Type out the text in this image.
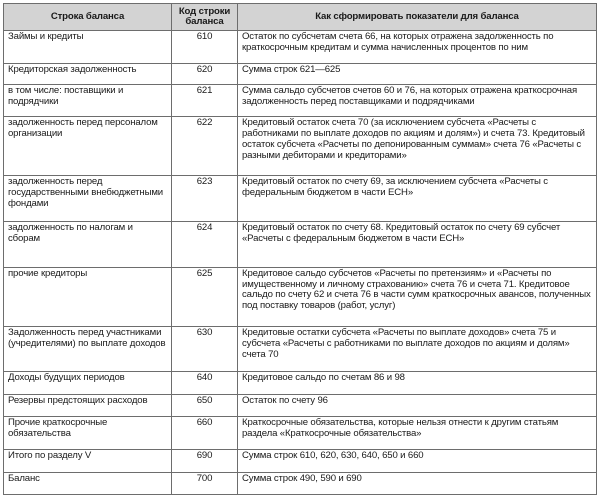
Строка баланса	Код строки баланса	Как сформировать показатели для баланса
Займы и кредиты	610	Остаток по субсчетам счета 66, на которых отражена задолженность по краткосрочным кредитам и сумма начисленных процентов по ним
Кредиторская задолженность	620	Сумма строк 621—625
в том числе: поставщики и подрядчики	621	Сумма сальдо субсчетов счетов 60 и 76, на которых отражена краткосрочная задолженность перед поставщиками и подрядчиками
задолженность перед персоналом организации	622	Кредитовый остаток счета 70 (за исключением субсчета «Расчеты с работниками по выплате доходов по акциям и долям») и счета 73. Кредитовый остаток субсчета «Расчеты по депонированным суммам» счета 76 «Расчеты с разными дебиторами и кредиторами»
задолженность перед государственными внебюджетными фондами	623	Кредитовый остаток по счету 69, за исключением субсчета «Расчеты с федеральным бюджетом в части ЕСН»
задолженность по налогам и сборам	624	Кредитовый остаток по счету 68. Кредитовый остаток по счету 69 субсчет «Расчеты с федеральным бюджетом в части ЕСН»
прочие кредиторы	625	Кредитовое сальдо субсчетов «Расчеты по претензиям» и «Расчеты по имущественному и личному страхованию» счета 76 и счета 71. Кредитовое сальдо по счету 62 и счета 76 в части сумм краткосрочных авансов, полученных под поставку товаров (работ, услуг)
Задолженность перед участниками (учредителями) по выплате доходов	630	Кредитовые остатки субсчета «Расчеты по выплате доходов» счета 75 и субсчета «Расчеты с работниками по выплате доходов по акциям и долям» счета 70
Доходы будущих периодов	640	Кредитовое сальдо по счетам 86 и 98
Резервы предстоящих расходов	650	Остаток по счету 96
Прочие краткосрочные обязательства	660	Краткосрочные обязательства, которые нельзя отнести к другим статьям раздела «Краткосрочные обязательства»
Итого по разделу V	690	Сумма строк 610, 620, 630, 640, 650 и 660
Баланс	700	Сумма строк 490, 590 и 690
